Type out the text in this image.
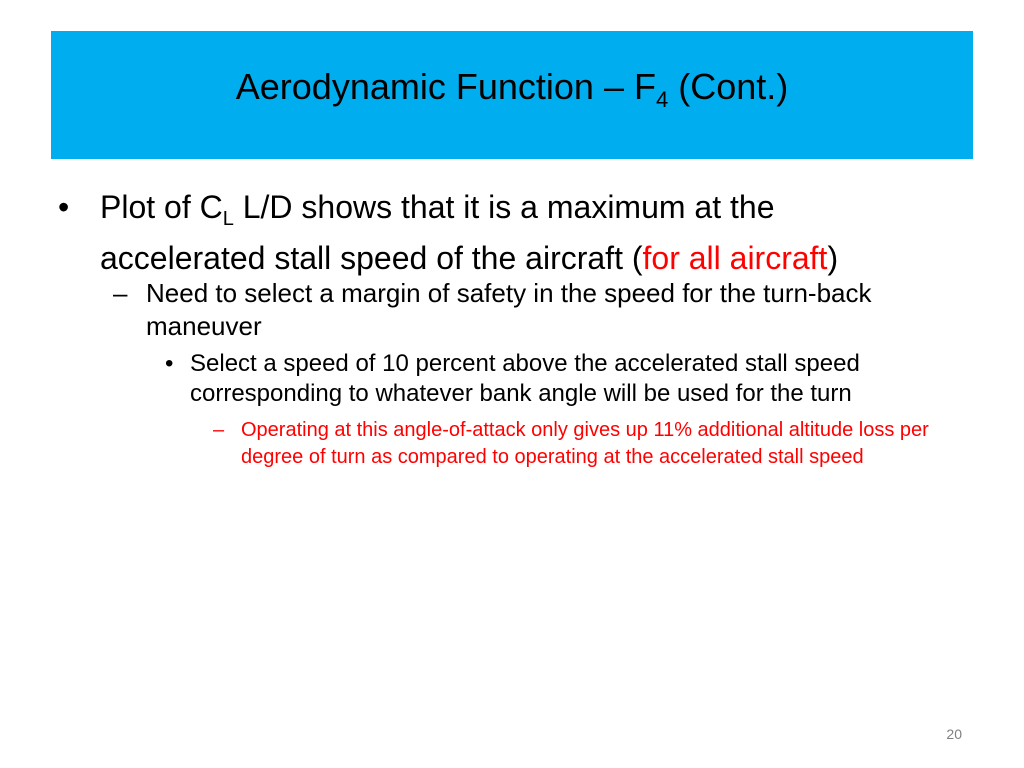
Aerodynamic Function – $F_4$ (Cont.)
• Plot of $C_L$ L/D shows that it is a maximum at the accelerated stall speed of the aircraft (for all aircraft)
– Need to select a margin of safety in the speed for the turn-back maneuver
• Select a speed of 10 percent above the accelerated stall speed corresponding to whatever bank angle will be used for the turn
– Operating at this angle-of-attack only gives up 11% additional altitude loss per degree of turn as compared to operating at the accelerated stall speed
20
